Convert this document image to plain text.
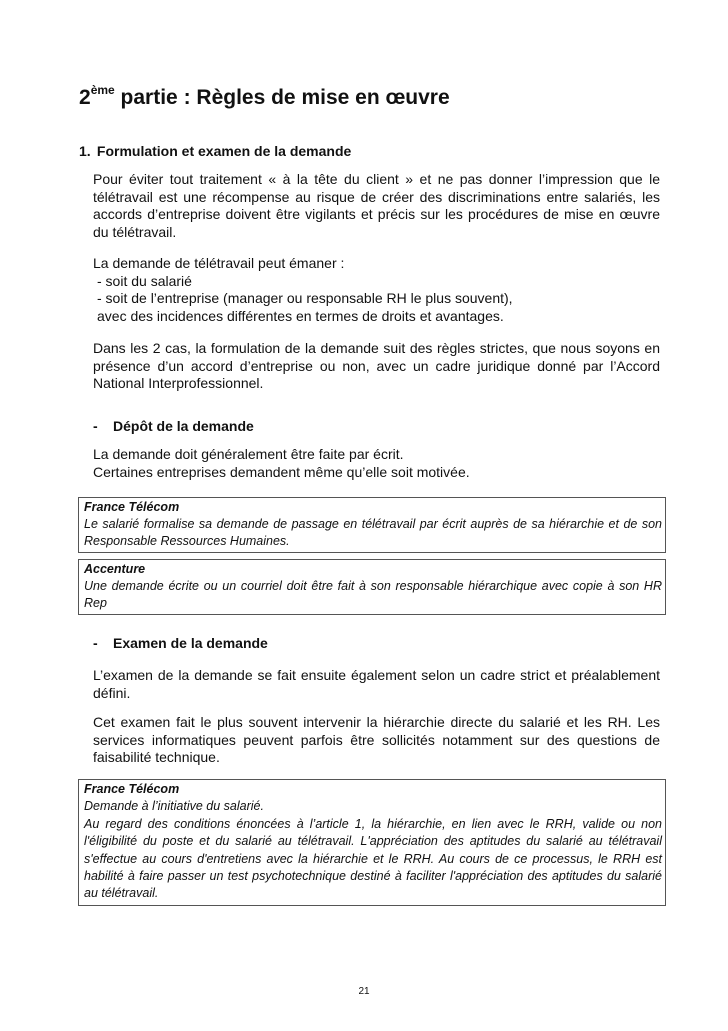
2ème partie : Règles de mise en œuvre
1. Formulation et examen de la demande
Pour éviter tout traitement « à la tête du client » et ne pas donner l’impression que le télétravail est une récompense au risque de créer des discriminations entre salariés, les accords d’entreprise doivent être vigilants et précis sur les procédures de mise en œuvre du télétravail.
La demande de télétravail peut émaner :
- soit du salarié
- soit de l’entreprise (manager ou responsable RH le plus souvent),
avec des incidences différentes en termes de droits et avantages.
Dans les 2 cas, la formulation de la demande suit des règles strictes, que nous soyons en présence d’un accord d’entreprise ou non, avec un cadre juridique donné par l’Accord National Interprofessionnel.
- Dépôt de la demande
La demande doit généralement être faite par écrit.
Certaines entreprises demandent même qu’elle soit motivée.
France Télécom
Le salarié formalise sa demande de passage en télétravail par écrit auprès de sa hiérarchie et de son Responsable Ressources Humaines.
Accenture
Une demande écrite ou un courriel doit être fait à son responsable hiérarchique avec copie à son HR Rep
- Examen de la demande
L’examen de la demande se fait ensuite également selon un cadre strict et préalablement défini.
Cet examen fait le plus souvent intervenir la hiérarchie directe du salarié et les RH. Les services informatiques peuvent parfois être sollicités notamment sur des questions de faisabilité technique.
France Télécom
Demande à l’initiative du salarié.
Au regard des conditions énoncées à l’article 1, la hiérarchie, en lien avec le RRH, valide ou non l'éligibilité du poste et du salarié au télétravail. L'appréciation des aptitudes du salarié au télétravail s'effectue au cours d'entretiens avec la hiérarchie et le RRH. Au cours de ce processus, le RRH est habilité à faire passer un test psychotechnique destiné à faciliter l'appréciation des aptitudes du salarié au télétravail.
21
